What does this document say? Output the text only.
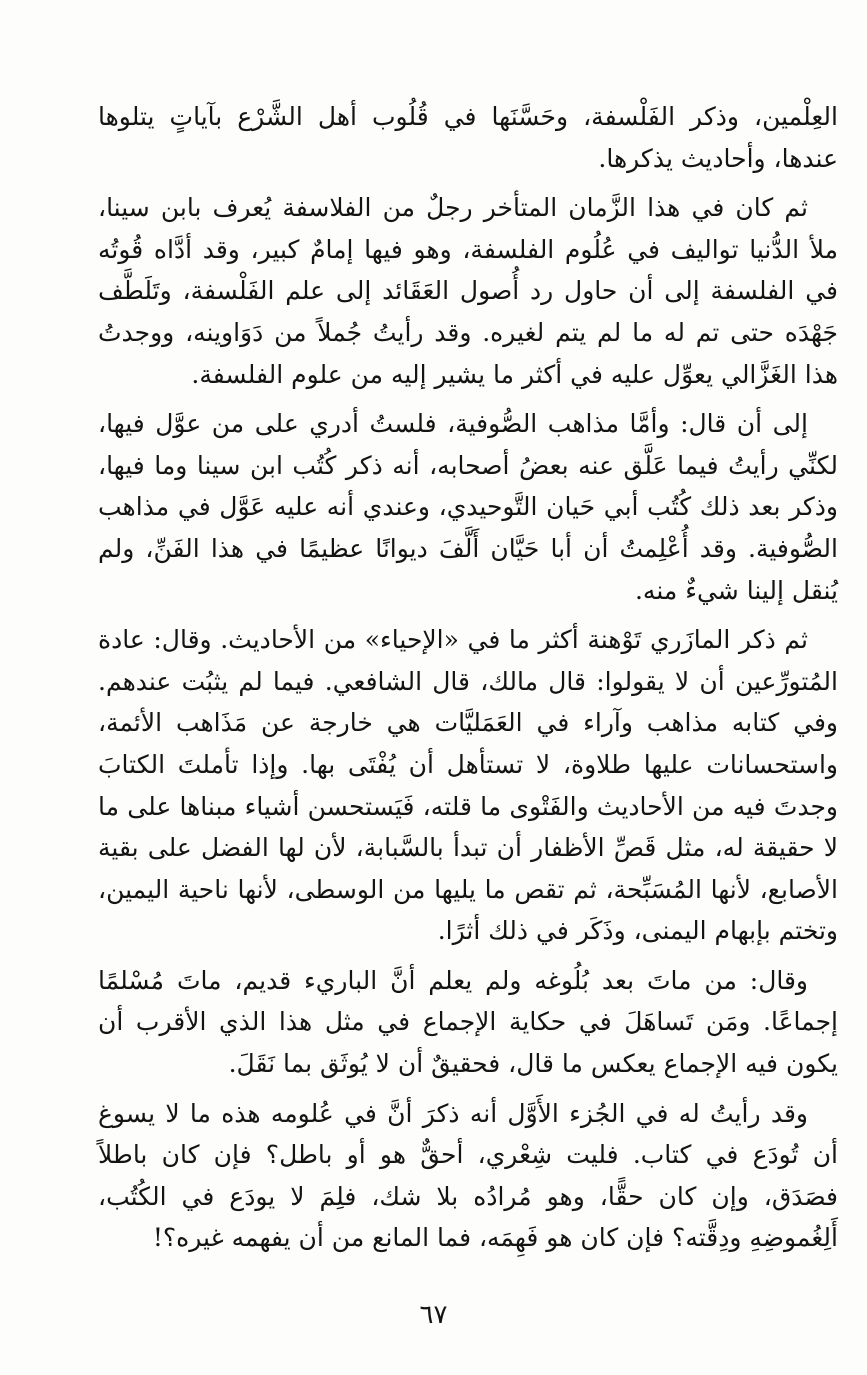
العِلْمين، وذكر الفَلْسفة، وحَسَّنَها في قُلُوب أهل الشَّرْع بآياتٍ يتلوها عندها، وأحاديث يذكرها.

ثم كان في هذا الزَّمان المتأخر رجلٌ من الفلاسفة يُعرف بابن سينا، ملأ الدُّنيا تواليف في عُلُوم الفلسفة، وهو فيها إمامٌ كبير، وقد أدَّاه قُوتُه في الفلسفة إلى أن حاول رد أُصول العَقَائد إلى علم الفَلْسفة، وتَلَطَّف جَهْدَه حتى تم له ما لم يتم لغيره. وقد رأيتُ جُملاً من دَوَاوينه، ووجدتُ هذا الغَزَّالي يعوِّل عليه في أكثر ما يشير إليه من علوم الفلسفة.

إلى أن قال: وأمَّا مذاهب الصُّوفية، فلستُ أدري على من عوَّل فيها، لكنِّي رأيتُ فيما عَلَّق عنه بعضُ أصحابه، أنه ذكر كُتُب ابن سينا وما فيها، وذكر بعد ذلك كُتُب أبي حَيان التَّوحيدي، وعندي أنه عليه عَوَّل في مذاهب الصُّوفية. وقد أُعْلِمتُ أن أبا حَيَّان أَلَّفَ ديوانًا عظيمًا في هذا الفَنِّ، ولم يُنقل إلينا شيءٌ منه.

ثم ذكر المازَري تَوْهنة أكثر ما في «الإحياء» من الأحاديث. وقال: عادة المُتورِّعين أن لا يقولوا: قال مالك، قال الشافعي. فيما لم يثبُت عندهم. وفي كتابه مذاهب وآراء في العَمَليَّات هي خارجة عن مَذَاهب الأئمة، واستحسانات عليها طلاوة، لا تستأهل أن يُفْتَى بها. وإذا تأملتَ الكتابَ وجدتَ فيه من الأحاديث والفَتْوى ما قلته، فَيَستحسن أشياء مبناها على ما لا حقيقة له، مثل قَصِّ الأظفار أن تبدأ بالسَّبابة، لأن لها الفضل على بقية الأصابع، لأنها المُسَبِّحة، ثم تقص ما يليها من الوسطى، لأنها ناحية اليمين، وتختم بإبهام اليمنى، وذَكَر في ذلك أثرًا.

وقال: من ماتَ بعد بُلُوغه ولم يعلم أنَّ الباريء قديم، ماتَ مُسْلمًا إجماعًا. ومَن تَساهَلَ في حكاية الإجماع في مثل هذا الذي الأقرب أن يكون فيه الإجماع يعكس ما قال، فحقيقٌ أن لا يُوثَق بما نَقَلَ.

وقد رأيتُ له في الجُزء الأَوَّل أنه ذكرَ أنَّ في عُلومه هذه ما لا يسوغ أن تُودَع في كتاب. فليت شِعْري، أحقٌّ هو أو باطل؟ فإن كان باطلاً فصَدَق، وإن كان حقًّا، وهو مُرادُه بلا شك، فلِمَ لا يودَع في الكُتُب، أَلِغُموضِهِ ودِقَّته؟ فإن كان هو فَهِمَه، فما المانع من أن يفهمه غيره؟!

٦٧
